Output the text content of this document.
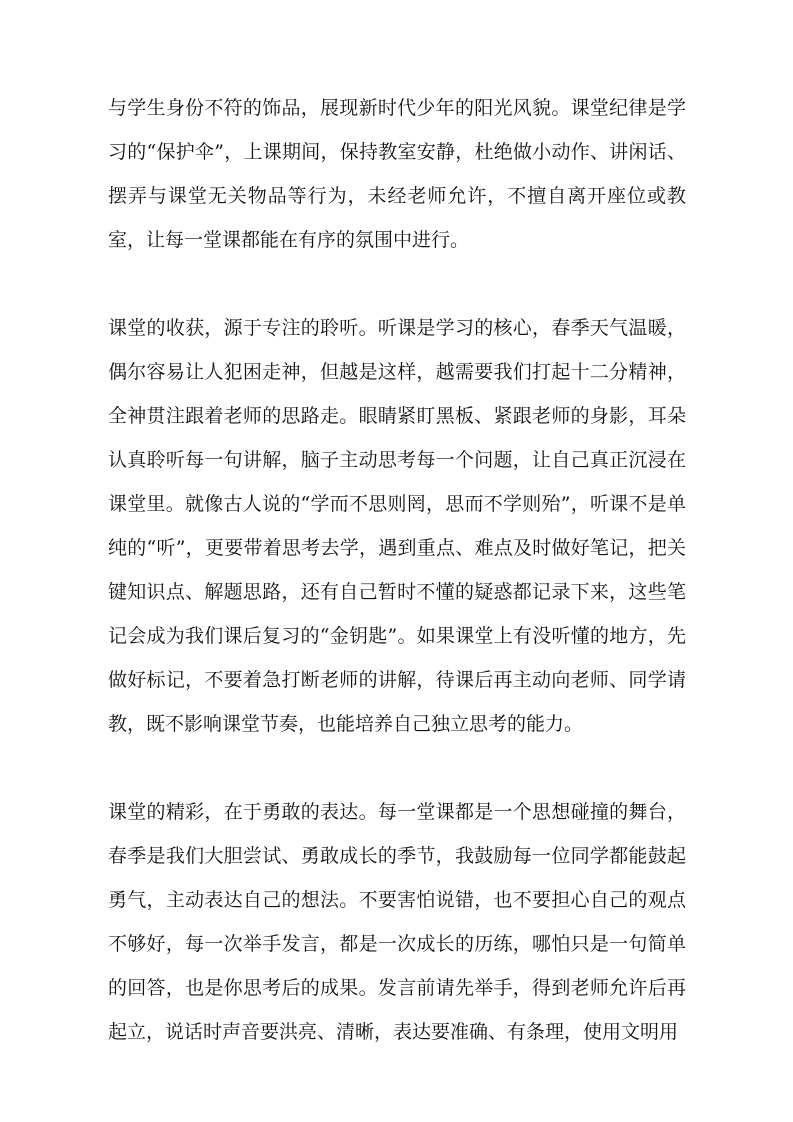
与学生身份不符的饰品，展现新时代少年的阳光风貌。课堂纪律是学习的“保护伞”，上课期间，保持教室安静，杜绝做小动作、讲闲话、摆弄与课堂无关物品等行为，未经老师允许，不擅自离开座位或教室，让每一堂课都能在有序的氛围中进行。

课堂的收获，源于专注的聆听。听课是学习的核心，春季天气温暖，偶尔容易让人犯困走神，但越是这样，越需要我们打起十二分精神，全神贯注跟着老师的思路走。眼睛紧盯黑板、紧跟老师的身影，耳朵认真聆听每一句讲解，脑子主动思考每一个问题，让自己真正沉浸在课堂里。就像古人说的“学而不思则罔，思而不学则殆”，听课不是单纯的“听”，更要带着思考去学，遇到重点、难点及时做好笔记，把关键知识点、解题思路，还有自己暂时不懂的疑惑都记录下来，这些笔记会成为我们课后复习的“金钥匙”。如果课堂上有没听懂的地方，先做好标记，不要着急打断老师的讲解，待课后再主动向老师、同学请教，既不影响课堂节奏，也能培养自己独立思考的能力。

课堂的精彩，在于勇敢的表达。每一堂课都是一个思想碰撞的舞台，春季是我们大胆尝试、勇敢成长的季节，我鼓励每一位同学都能鼓起勇气，主动表达自己的想法。不要害怕说错，也不要担心自己的观点不够好，每一次举手发言，都是一次成长的历练，哪怕只是一句简单的回答，也是你思考后的成果。发言前请先举手，得到老师允许后再起立，说话时声音要洪亮、清晰，表达要准确、有条理，使用文明用
